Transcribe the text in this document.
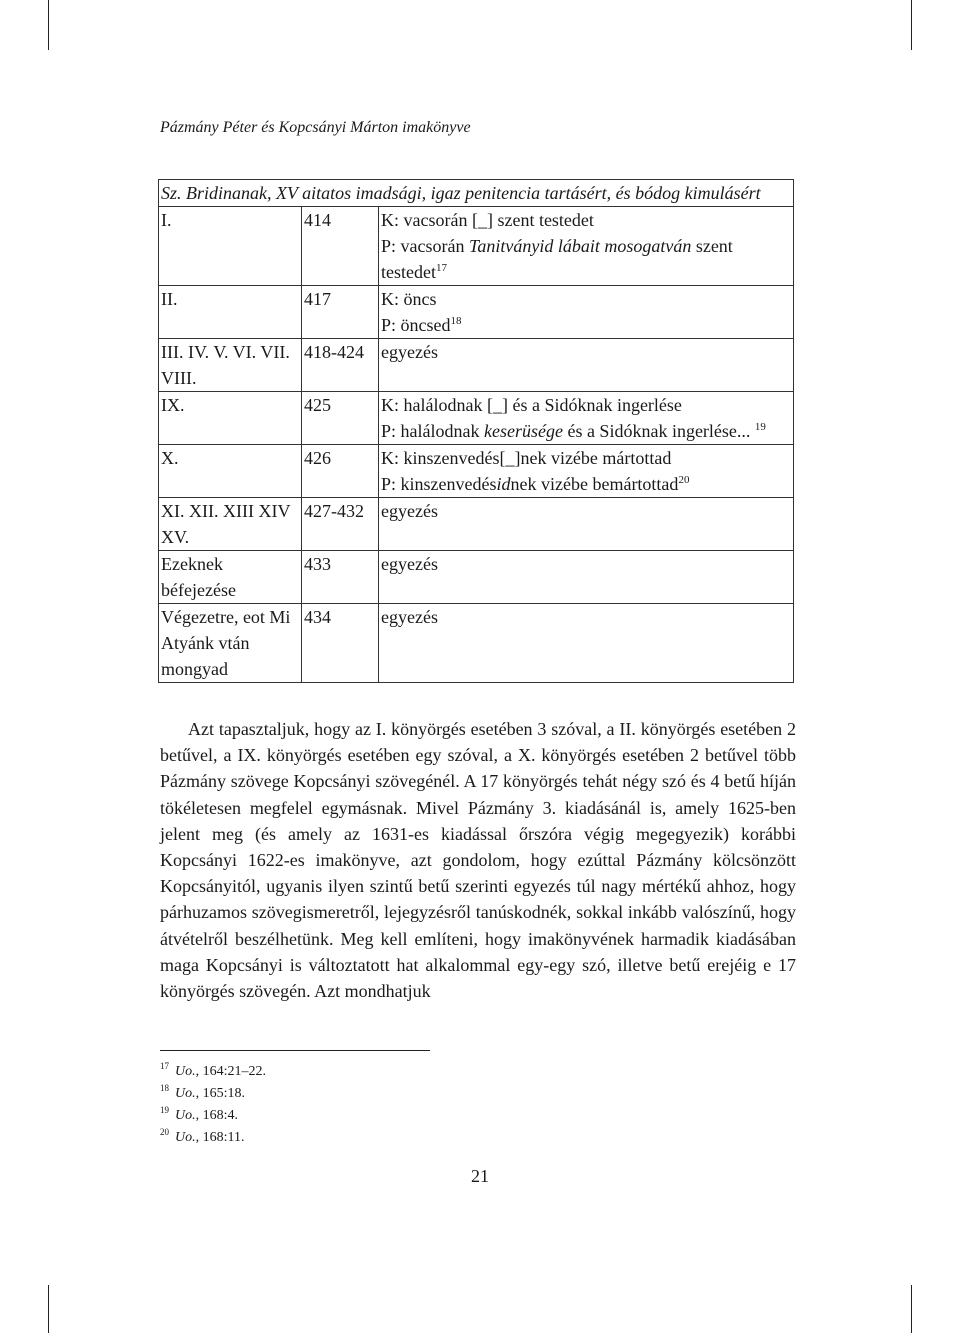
Pázmány Péter és Kopcsányi Márton imakönyve
Sz. Bridinanak, XV aitatos imadsági, igaz penitencia tartásért, és bódog kimulásért		
I.	414	K: vacsorán [_] szent testedet
P: vacsorán Tanitványid lábait mosogatván szent
testedet$^{17}$

II.	417	K: öncs
P: öncsed$^{18}$

III. IV. V. VI. VII. VIII.	418-424	egyezés

IX.	425	K: halálodnak [_] és a Sidóknak ingerlése
P: halálodnak keserüsége és a Sidóknak ingerlése... $^{19}$

X.	426	K: kinszenvedés[_]nek vizébe mártottad
P: kinszenvedésidnek vizébe bemártottad$^{20}$

XI. XII. XIII XIV XV.	427-432	egyezés

Ezeknek béfejezése	433	egyezés

Végezetre, eot Mi Atyánk vtán mongyad	434	egyezés

Azt tapasztaljuk, hogy az I. könyörgés esetében 3 szóval, a II. könyörgés esetében 2 betűvel, a IX. könyörgés esetében egy szóval, a X. könyörgés esetében 2 betűvel több Pázmány szövege Kopcsányi szövegénél. A 17 könyörgés tehát négy szó és 4 betű híján tökéletesen megfelel egymásnak. Mivel Pázmány 3. kiadásánál is, amely 1625-ben jelent meg (és amely az 1631-es kiadással őrszóra végig megegyezik) korábbi Kopcsányi 1622-es imakönyve, azt gondolom, hogy ezúttal Pázmány kölcsönzött Kopcsányitól, ugyanis ilyen szintű betű szerinti egyezés túl nagy mértékű ahhoz, hogy párhuzamos szövegismeretről, lejegyzésről tanúskodnék, sokkal inkább valószínű, hogy átvételről beszélhetünk. Meg kell említeni, hogy imakönyvének harmadik kiadásában maga Kopcsányi is változtatott hat alkalommal egy-egy szó, illetve betű erejéig e 17 könyörgés szövegén. Azt mondhatjuk

$^{17}$ Uo., 164:21–22.
$^{18}$ Uo., 165:18.
$^{19}$ Uo., 168:4.
$^{20}$ Uo., 168:11.
21
